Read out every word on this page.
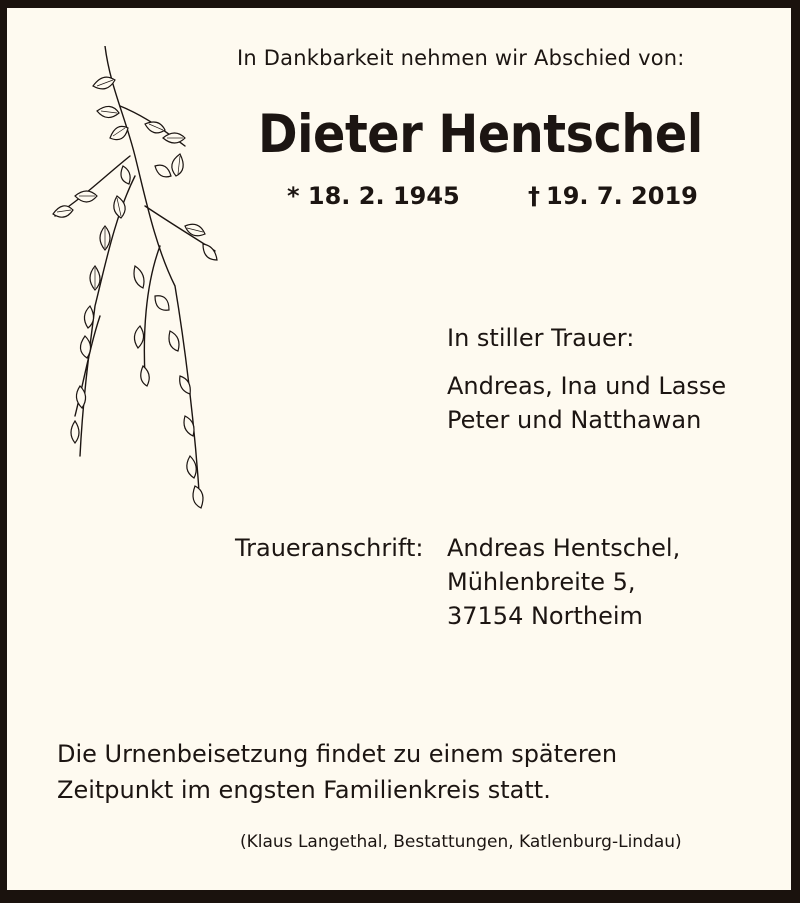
In Dankbarkeit nehmen wir Abschied von:
Dieter Hentschel
* 18. 2. 1945	† 19. 7. 2019
In stiller Trauer:
Andreas, Ina und Lasse
Peter und Natthawan
Traueranschrift: Andreas Hentschel,
Mühlenbreite 5,
37154 Northeim
Die Urnenbeisetzung findet zu einem späteren
Zeitpunkt im engsten Familienkreis statt.
(Klaus Langethal, Bestattungen, Katlenburg-Lindau)
